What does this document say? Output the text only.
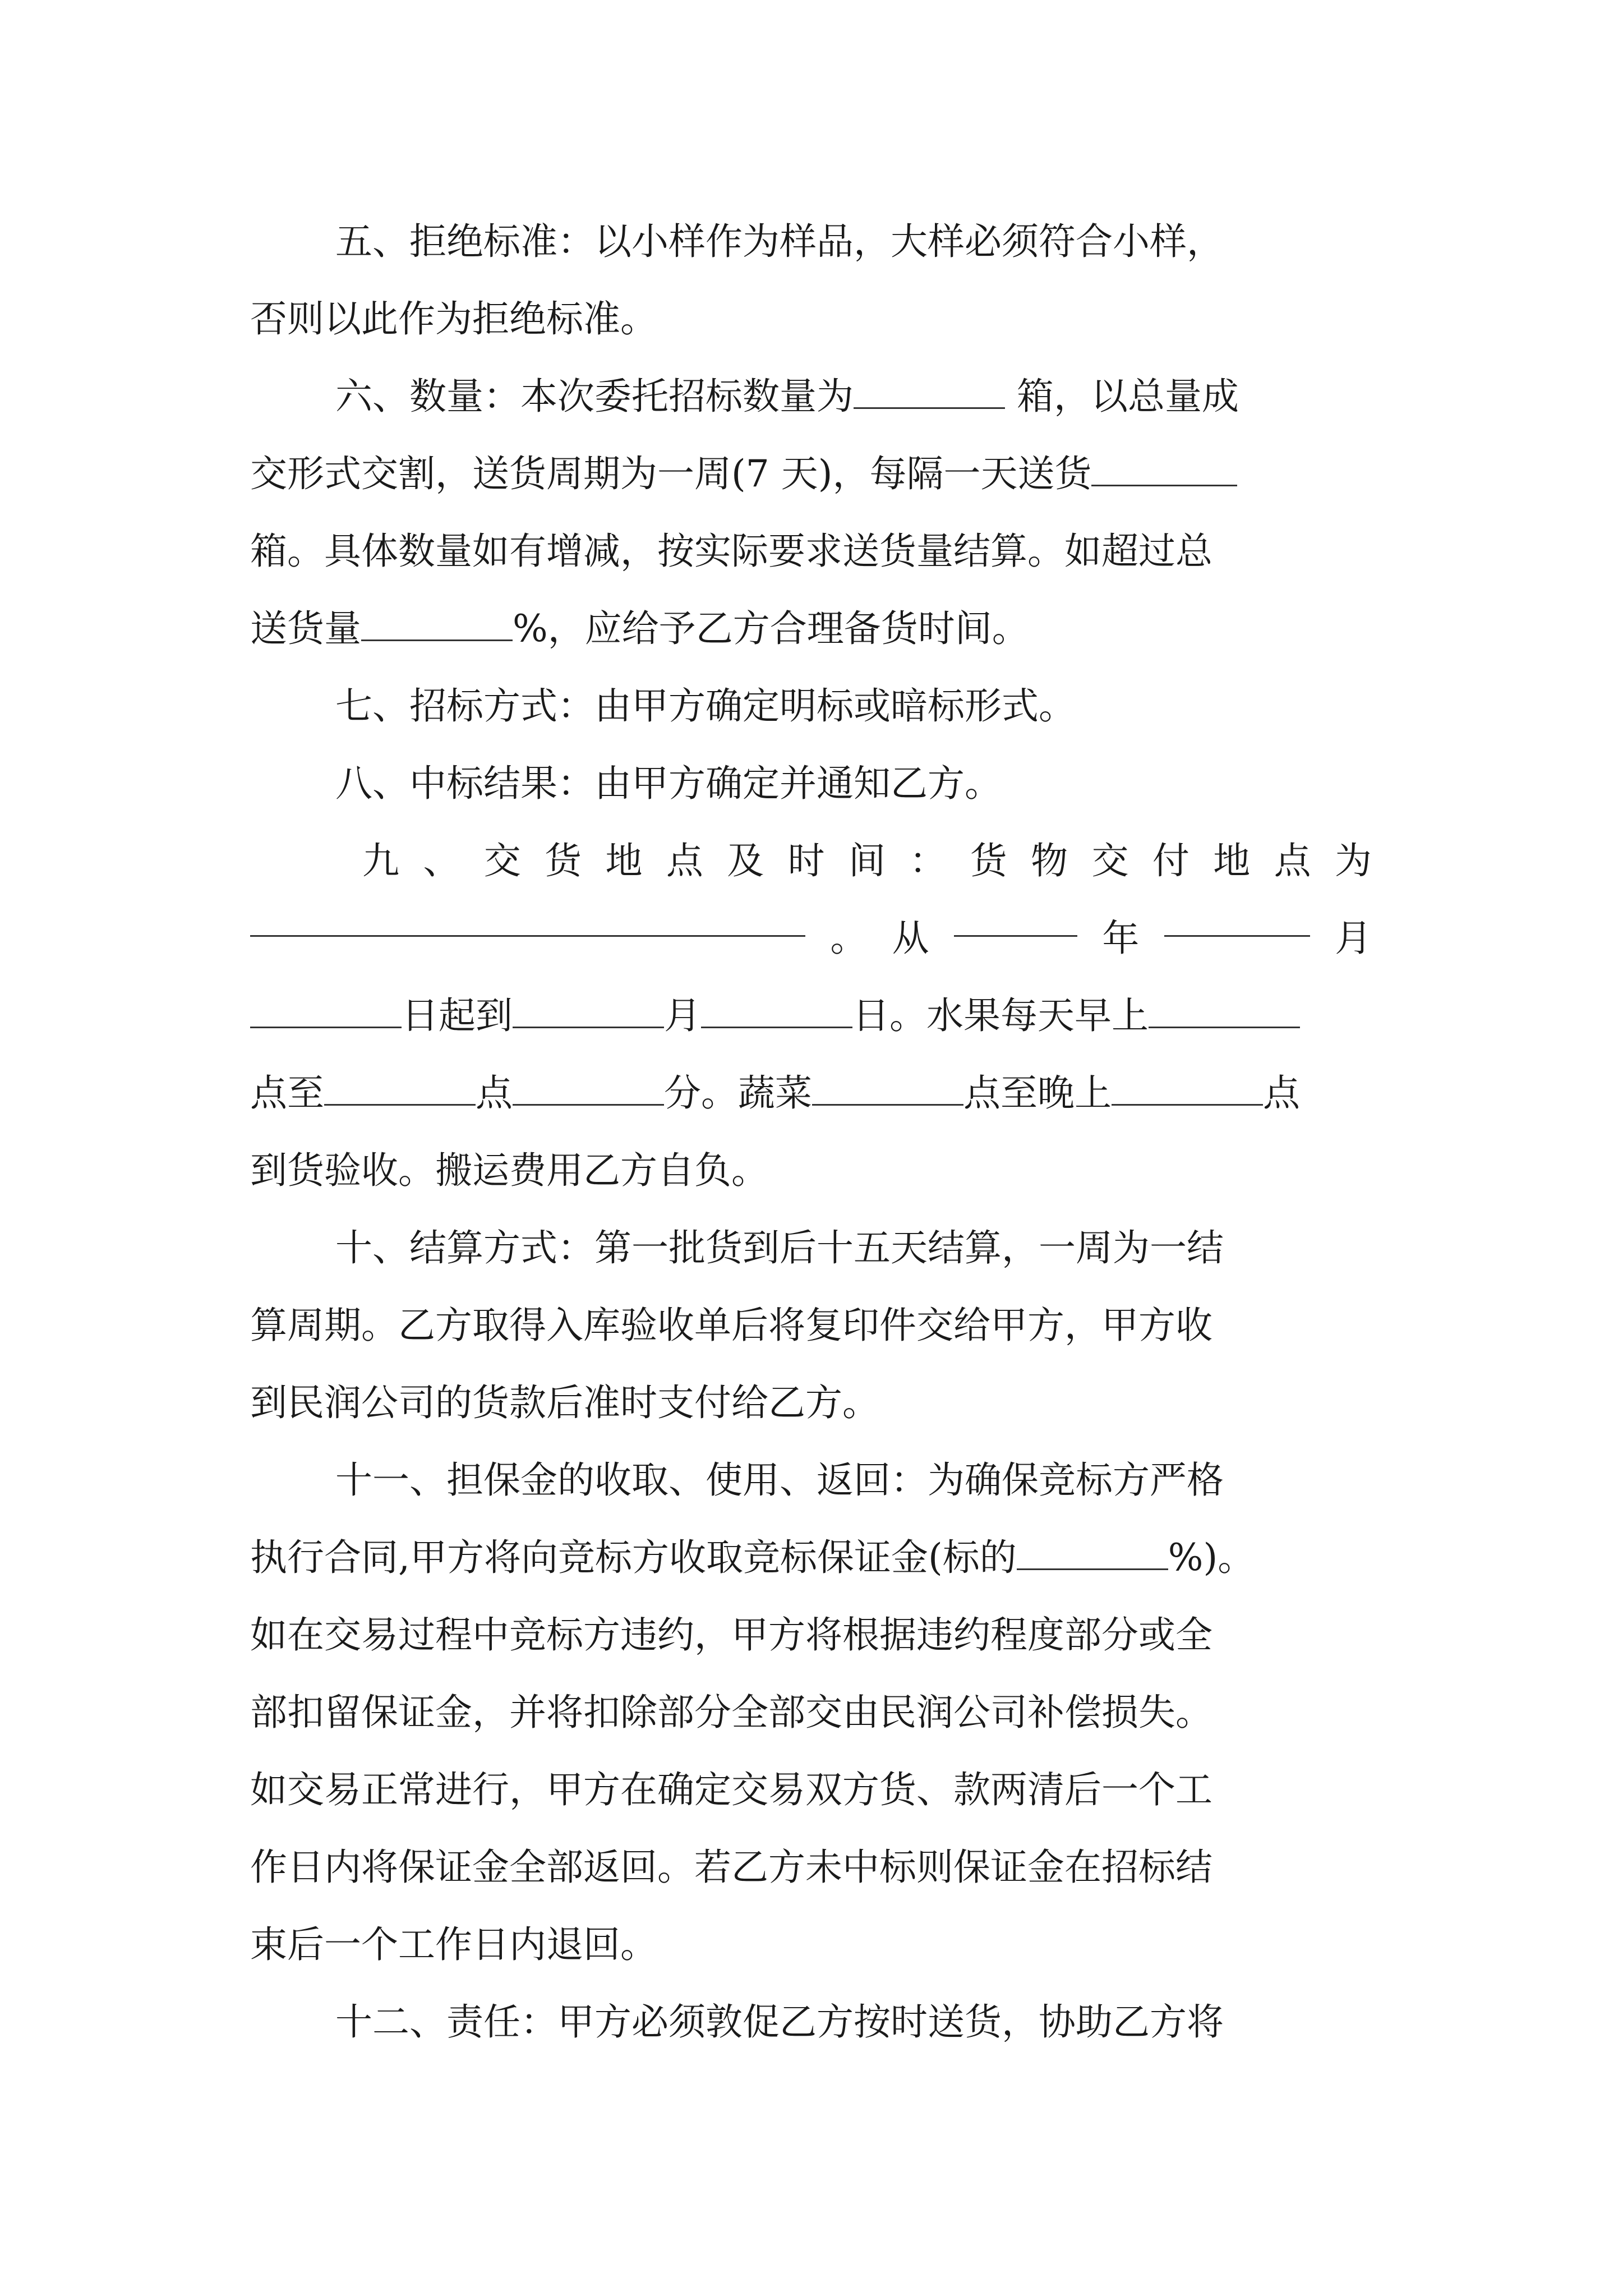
五、拒绝标准：以小样作为样品，大样必须符合小样，
否则以此作为拒绝标准。
六、数量：本次委托招标数量为	箱，以总量成
交形式交割，送货周期为一周(7 天)，每隔一天送货
箱。具体数量如有增减，按实际要求送货量结算。如超过总
送货量	%，应给予乙方合理备货时间。
七、招标方式：由甲方确定明标或暗标形式。
八、中标结果：由甲方确定并通知乙方。
九 、 交 货 地 点 及 时 间 ： 货 物 交 付 地 点 为
。 从	年	月
日起到	月	日。水果每天早上
点至	点	分。蔬菜	点至晚上	点
到货验收。搬运费用乙方自负。
十、结算方式：第一批货到后十五天结算，一周为一结
算周期。乙方取得入库验收单后将复印件交给甲方，甲方收
到民润公司的货款后准时支付给乙方。
十一、担保金的收取、使用、返回：为确保竞标方严格
执行合同,甲方将向竞标方收取竞标保证金(标的	%)。
如在交易过程中竞标方违约，甲方将根据违约程度部分或全
部扣留保证金，并将扣除部分全部交由民润公司补偿损失。
如交易正常进行，甲方在确定交易双方货、款两清后一个工
作日内将保证金全部返回。若乙方未中标则保证金在招标结
束后一个工作日内退回。
十二、责任：甲方必须敦促乙方按时送货，协助乙方将
